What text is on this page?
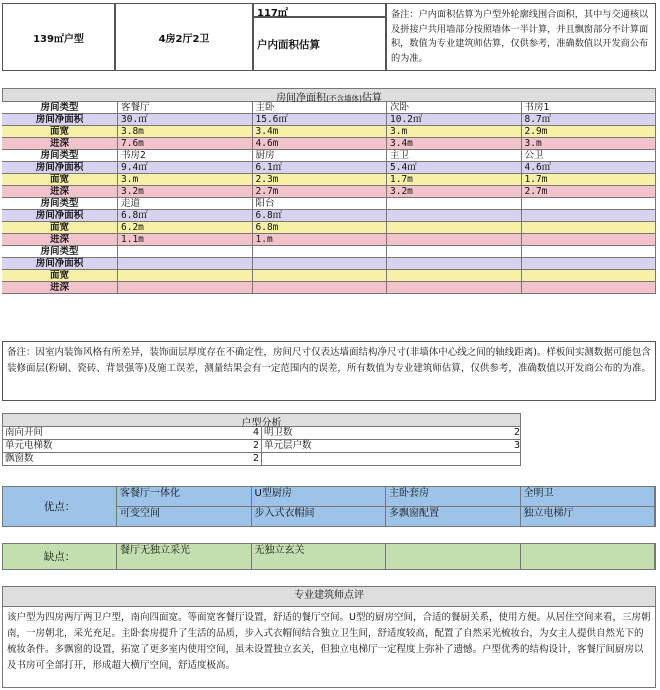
139㎡户型	4房2厅2卫
117㎡
户内面积估算
备注：户内面积估算为户型外轮廓线围合面积，其中与交通核以及拼接户共用墙部分按照墙体一半计算，并且飘窗部分不计算面积，数值为专业建筑师估算，仅供参考，准确数值以开发商公布的为准。
房间净面积(不含墙体)估算
房间类型	客餐厅	主卧	次卧	书房1
房间净面积	30.㎡	15.6㎡	10.2㎡	8.7㎡
面宽	3.8m	3.4m	3.m	2.9m
进深	7.6m	4.6m	3.4m	3.m
房间类型	书房2	厨房	主卫	公卫
房间净面积	9.4㎡	6.1㎡	5.4㎡	4.6㎡
面宽	3.m	2.3m	1.7m	1.7m
进深	3.2m	2.7m	3.2m	2.7m
房间类型	走道	阳台
房间净面积	6.8㎡	6.8㎡
面宽	6.2m	6.8m
进深	1.1m	1.m
房间类型
房间净面积
面宽
进深
备注：因室内装饰风格有所差异，装饰面层厚度存在不确定性，房间尺寸仅表达墙面结构净尺寸(非墙体中心线之间的轴线距离)。样板间实测数据可能包含装修面层(粉刷、瓷砖、背景强等)及施工误差，测量结果会有一定范围内的误差，所有数值为专业建筑师估算，仅供参考，准确数值以开发商公布的为准。
户型分析
南向开间	4 明卫数	2
单元电梯数	2 单元层户数	3
飘窗数	2
优点：
客餐厅一体化	U型厨房	主卧套房	全明卫
可变空间	步入式衣帽间	多飘窗配置	独立电梯厅
缺点：
餐厅无独立采光	无独立玄关
专业建筑师点评
该户型为四房两厅两卫户型，南向四面宽。等面宽客餐厅设置，舒适的餐厅空间。U型的厨房空间，合适的餐厨关系，使用方便。从居住空间来看，三房朝南，一房朝北，采光充足。主卧套房提升了生活的品质，步入式衣帽间结合独立卫生间，舒适度较高，配置了自然采光梳妆台，为女主人提供自然光下的梳妆条件。多飘窗的设置，拓宽了更多室内使用空间，虽未设置独立玄关，但独立电梯厅一定程度上弥补了遗憾。户型优秀的结构设计，客餐厅间厨房以及书房可全部打开，形成超大横厅空间，舒适度极高。
